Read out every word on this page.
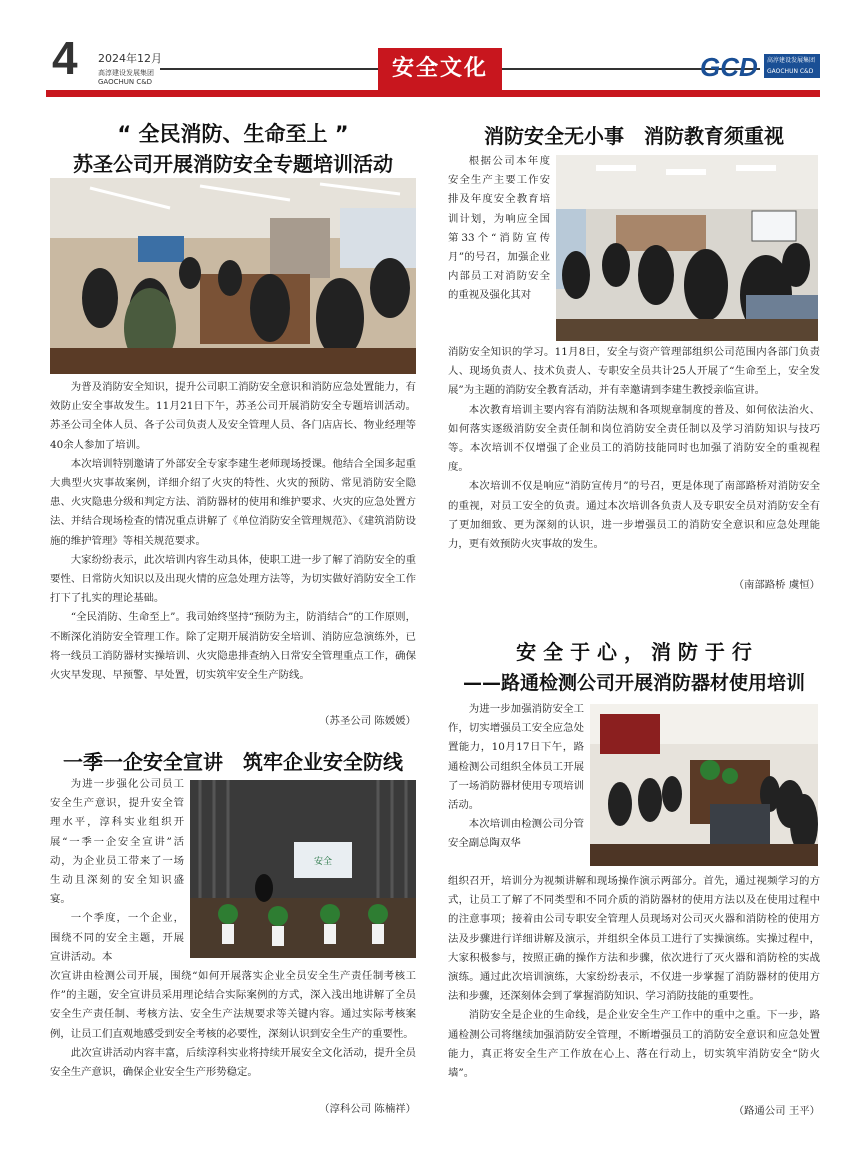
4 2024年12月
高淳建设发展集团
GAOCHUN C&D
安全文化	GCD 高淳建设发展集团
GAOCHUN C&D
“ 全民消防、生命至上 ”
苏圣公司开展消防安全专题培训活动

为普及消防安全知识，提升公司职工消防安全意识和消防应急处置能力，有效防止安全事故发生。11月21日下午，苏圣公司开展消防安全专题培训活动。苏圣公司全体人员、各子公司负责人及安全管理人员、各门店店长、物业经理等40余人参加了培训。

本次培训特别邀请了外部安全专家李建生老师现场授课。他结合全国多起重大典型火灾事故案例，详细介绍了火灾的特性、火灾的预防、常见消防安全隐患、火灾隐患分级和判定方法、消防器材的使用和维护要求、火灾的应急处置方法、并结合现场检查的情况重点讲解了《单位消防安全管理规范》、《建筑消防设施的维护管理》等相关规范要求。

大家纷纷表示，此次培训内容生动具体，使职工进一步了解了消防安全的重要性、日常防火知识以及出现火情的应急处理方法等，为切实做好消防安全工作打下了扎实的理论基础。

“全民消防、生命至上”。我司始终坚持“预防为主，防消结合”的工作原则，不断深化消防安全管理工作。除了定期开展消防安全培训、消防应急演练外，已将一线员工消防器材实操培训、火灾隐患排查纳入日常安全管理重点工作，确保火灾早发现、早预警、早处置，切实筑牢安全生产防线。

（苏圣公司 陈媛媛）
一季一企安全宣讲　筑牢企业安全防线

为进一步强化公司员工安全生产意识，提升安全管理水平，淳科实业组织开展“一季一企安全宣讲”活动，为企业员工带来了一场生动且深刻的安全知识盛宴。

一个季度，一个企业，围绕不同的安全主题，开展宣讲活动。本

安全

次宣讲由检测公司开展，围绕“如何开展落实企业全员安全生产责任制考核工作”的主题，安全宣讲员采用理论结合实际案例的方式，深入浅出地讲解了全员安全生产责任制、考核方法、安全生产法规要求等关键内容。通过实际考核案例，让员工们直观地感受到安全考核的必要性，深刻认识到安全生产的重要性。

此次宣讲活动内容丰富，后续淳科实业将持续开展安全文化活动，提升全员安全生产意识，确保企业安全生产形势稳定。

（淳科公司 陈楠祥）
消防安全无小事　消防教育须重视

根据公司本年度安全生产主要工作安排及年度安全教育培训计划，为响应全国第33个“消防宣传月”的号召，加强企业内部员工对消防安全的重视及强化其对

消防安全知识的学习。11月8日，安全与资产管理部组织公司范围内各部门负责人、现场负责人、技术负责人、专职安全员共计25人开展了“生命至上，安全发展”为主题的消防安全教育活动，并有幸邀请到李建生教授亲临宣讲。

本次教育培训主要内容有消防法规和各项规章制度的普及、如何依法治火、如何落实逐级消防安全责任制和岗位消防安全责任制以及学习消防知识与技巧等。本次培训不仅增强了企业员工的消防技能同时也加强了消防安全的重视程度。

本次培训不仅是响应“消防宣传月”的号召，更是体现了南部路桥对消防安全的重视，对员工安全的负责。通过本次培训各负责人及专职安全员对消防安全有了更加细致、更为深刻的认识，进一步增强员工的消防安全意识和应急处理能力，更有效预防火灾事故的发生。

（南部路桥 虞恒）
安 全 于 心 ， 消 防 于 行
——路通检测公司开展消防器材使用培训

为进一步加强消防安全工作，切实增强员工安全应急处置能力，10月17日下午，路通检测公司组织全体员工开展了一场消防器材使用专项培训活动。

本次培训由检测公司分管安全副总陶双华

组织召开，培训分为视频讲解和现场操作演示两部分。首先，通过视频学习的方式，让员工了解了不同类型和不同介质的消防器材的使用方法以及在使用过程中的注意事项；接着由公司专职安全管理人员现场对公司灭火器和消防栓的使用方法及步骤进行详细讲解及演示，并组织全体员工进行了实操演练。实操过程中，大家积极参与，按照正确的操作方法和步骤，依次进行了灭火器和消防栓的实战演练。通过此次培训演练，大家纷纷表示，不仅进一步掌握了消防器材的使用方法和步骤，还深刻体会到了掌握消防知识、学习消防技能的重要性。

消防安全是企业的生命线，是企业安全生产工作中的重中之重。下一步，路通检测公司将继续加强消防安全管理，不断增强员工的消防安全意识和应急处置能力，真正将安全生产工作放在心上、落在行动上，切实筑牢消防安全“防火墙”。

（路通公司 王平）
